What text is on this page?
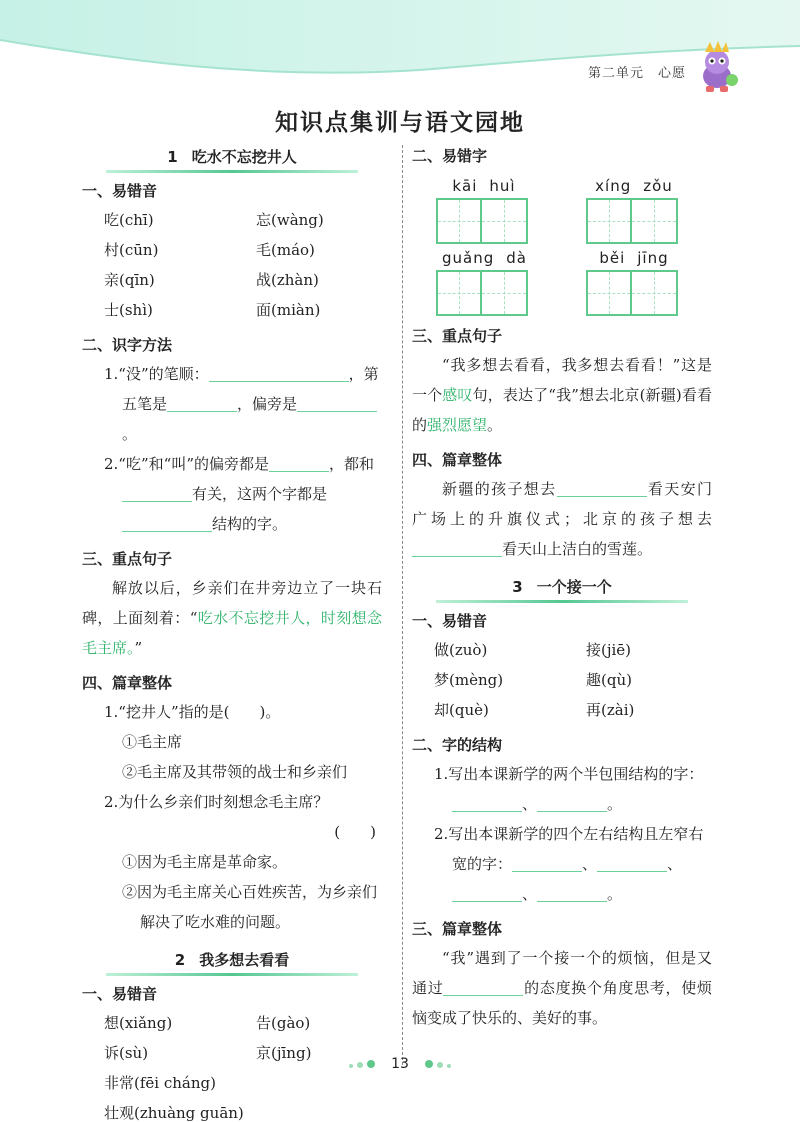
第二单元 心愿
知识点集训与语文园地
1 吃水不忘挖井人
一、易错音
吃(chī)	忘(wàng)
村(cūn)	毛(máo)
亲(qīn)	战(zhàn)
士(shì)	面(miàn)
二、识字方法
1.“没”的笔顺：	，第五笔是	，偏旁是。
2.“吃”和“叫”的偏旁都是	，都和有关，这两个字都是结构的字。
三、重点句子
解放以后，乡亲们在井旁边立了一块石碑，上面刻着：“吃水不忘挖井人，时刻想念毛主席。”
四、篇章整体
1.“挖井人”指的是(　　)。
①毛主席
②毛主席及其带领的战士和乡亲们
2.为什么乡亲们时刻想念毛主席？
(　　)
①因为毛主席是革命家。
②因为毛主席关心百姓疾苦，为乡亲们解决了吃水难的问题。
2 我多想去看看
一、易错音
想(xiǎng)	告(gào)
诉(sù)	京(jīng)
非常(fēi cháng)
壮观(zhuàng guān)
二、易错字
kāi huì	xíng zǒu
guǎng dà	běi jīng
三、重点句子
“我多想去看看，我多想去看看！”这是一个感叹句，表达了“我”想去北京(新疆)看看的强烈愿望。
四、篇章整体
新疆的孩子想去	看天安门广场上的升旗仪式；北京的孩子想去看天山上洁白的雪莲。
3 一个接一个
一、易错音
做(zuò)	接(jiē)
梦(mèng)	趣(qù)
却(què)	再(zài)
二、字的结构
1.写出本课新学的两个半包围结构的字：、	。
2.写出本课新学的四个左右结构且左窄右宽的字：	、	、、	。
三、篇章整体
“我”遇到了一个接一个的烦恼，但是又通过	的态度换个角度思考，使烦恼变成了快乐的、美好的事。
13
